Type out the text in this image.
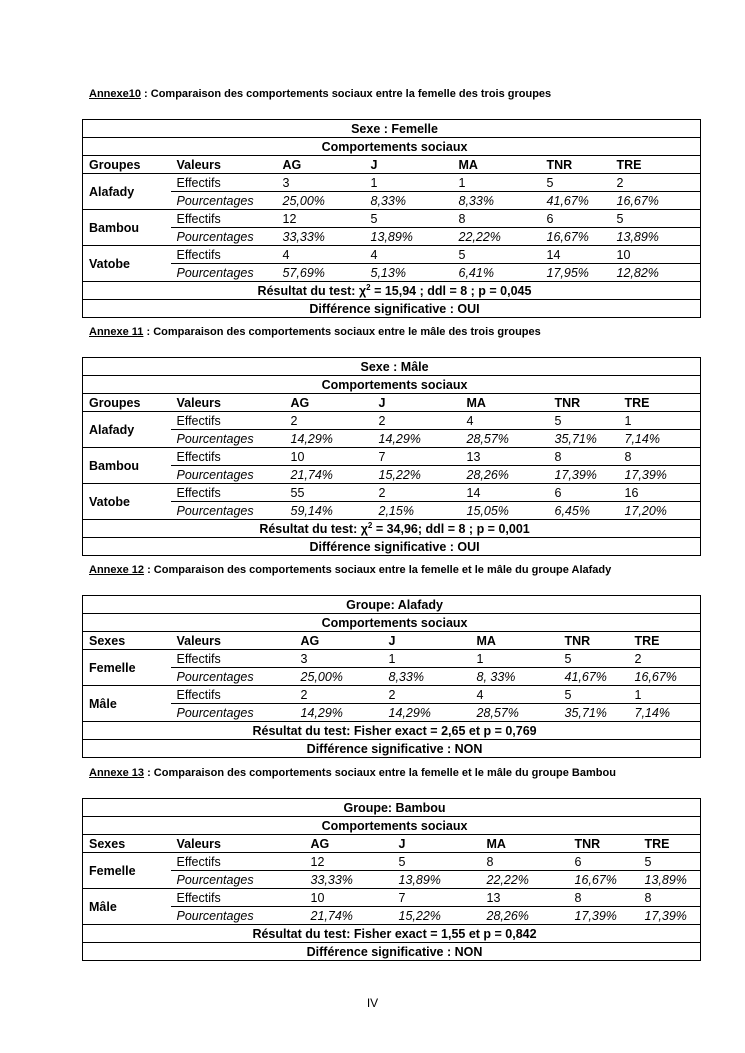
Annexe10 : Comparaison des comportements sociaux entre la femelle des trois groupes
Sexe : Femelle						
Comportements sociaux						
Groupes	Valeurs	AG	J	MA	TNR	TRE
Alafady	Effectifs	3	1	1	5	2
	Pourcentages	25,00%	8,33%	8,33%	41,67%	16,67%
Bambou	Effectifs	12	5	8	6	5
	Pourcentages	33,33%	13,89%	22,22%	16,67%	13,89%
Vatobe	Effectifs	4	4	5	14	10
	Pourcentages	57,69%	5,13%	6,41%	17,95%	12,82%
Résultat du test: $\chi^2 = 15,94$ ; ddl = 8 ; p = 0,045						
Différence significative : OUI						
Annexe 11 : Comparaison des comportements sociaux entre le mâle des trois groupes
Sexe : Mâle						
Comportements sociaux						
Groupes	Valeurs	AG	J	MA	TNR	TRE
Alafady	Effectifs	2	2	4	5	1
	Pourcentages	14,29%	14,29%	28,57%	35,71%	7,14%
Bambou	Effectifs	10	7	13	8	8
	Pourcentages	21,74%	15,22%	28,26%	17,39%	17,39%
Vatobe	Effectifs	55	2	14	6	16
	Pourcentages	59,14%	2,15%	15,05%	6,45%	17,20%
Résultat du test: $\chi^2 = 34,96$; ddl = 8 ; p = 0,001						
Différence significative : OUI						
Annexe 12 : Comparaison des comportements sociaux entre la femelle et le mâle du groupe Alafady
Groupe: Alafady						
Comportements sociaux						
Sexes	Valeurs	AG	J	MA	TNR	TRE
Femelle	Effectifs	3	1	1	5	2
	Pourcentages	25,00%	8,33%	8, 33%	41,67%	16,67%
Mâle	Effectifs	2	2	4	5	1
	Pourcentages	14,29%	14,29%	28,57%	35,71%	7,14%
Résultat du test: Fisher exact = 2,65 et p = 0,769						
Différence significative : NON						
Annexe 13 : Comparaison des comportements sociaux entre la femelle et le mâle du groupe Bambou
Groupe: Bambou						
Comportements sociaux						
Sexes	Valeurs	AG	J	MA	TNR	TRE
Femelle	Effectifs	12	5	8	6	5
	Pourcentages	33,33%	13,89%	22,22%	16,67%	13,89%
Mâle	Effectifs	10	7	13	8	8
	Pourcentages	21,74%	15,22%	28,26%	17,39%	17,39%
Résultat du test: Fisher exact = 1,55 et p = 0,842						
Différence significative : NON						
IV
